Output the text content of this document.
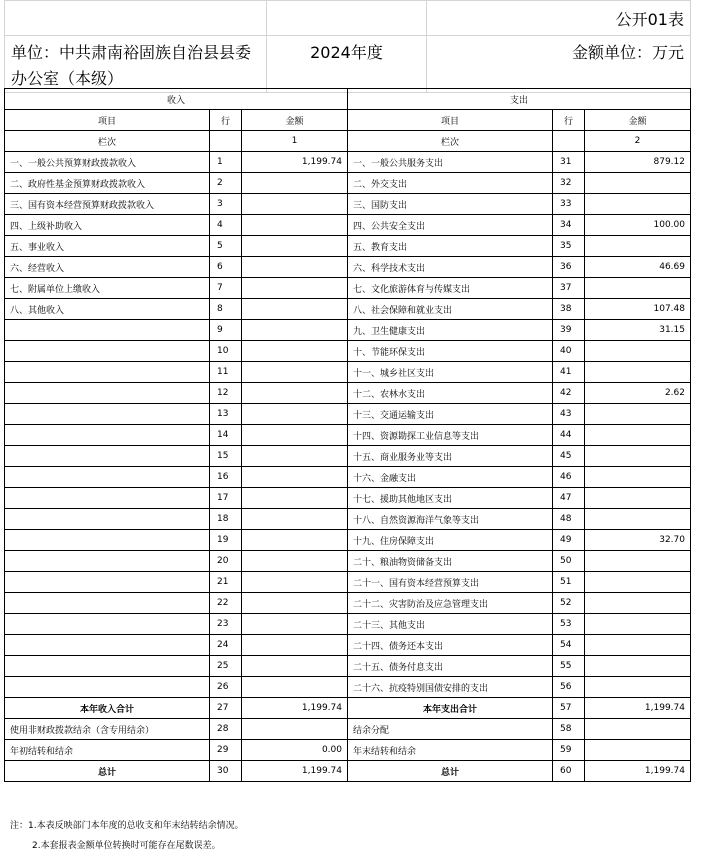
		公开01表
单位：中共肃南裕固族自治县县委办公室（本级）	2024年度	金额单位：万元
收入			支出		
项目	行	金额	项目	行	金额
栏次		1	栏次		2
一、一般公共预算财政拨款收入	1	1,199.74	一、一般公共服务支出	31	879.12
二、政府性基金预算财政拨款收入	2		二、外交支出	32	
三、国有资本经营预算财政拨款收入	3		三、国防支出	33	
四、上级补助收入	4		四、公共安全支出	34	100.00
五、事业收入	5		五、教育支出	35	
六、经营收入	6		六、科学技术支出	36	46.69
七、附属单位上缴收入	7		七、文化旅游体育与传媒支出	37	
八、其他收入	8		八、社会保障和就业支出	38	107.48
	9		九、卫生健康支出	39	31.15
	10		十、节能环保支出	40	
	11		十一、城乡社区支出	41	
	12		十二、农林水支出	42	2.62
	13		十三、交通运输支出	43	
	14		十四、资源勘探工业信息等支出	44	
	15		十五、商业服务业等支出	45	
	16		十六、金融支出	46	
	17		十七、援助其他地区支出	47	
	18		十八、自然资源海洋气象等支出	48	
	19		十九、住房保障支出	49	32.70
	20		二十、粮油物资储备支出	50	
	21		二十一、国有资本经营预算支出	51	
	22		二十二、灾害防治及应急管理支出	52	
	23		二十三、其他支出	53	
	24		二十四、债务还本支出	54	
	25		二十五、债务付息支出	55	
	26		二十六、抗疫特别国债安排的支出	56	
本年收入合计	27	1,199.74	本年支出合计	57	1,199.74
使用非财政拨款结余（含专用结余）	28		结余分配	58	
年初结转和结余	29	0.00	年末结转和结余	59	
总计	30	1,199.74	总计	60	1,199.74
注：1.本表反映部门本年度的总收支和年末结转结余情况。
2.本套报表金额单位转换时可能存在尾数误差。
